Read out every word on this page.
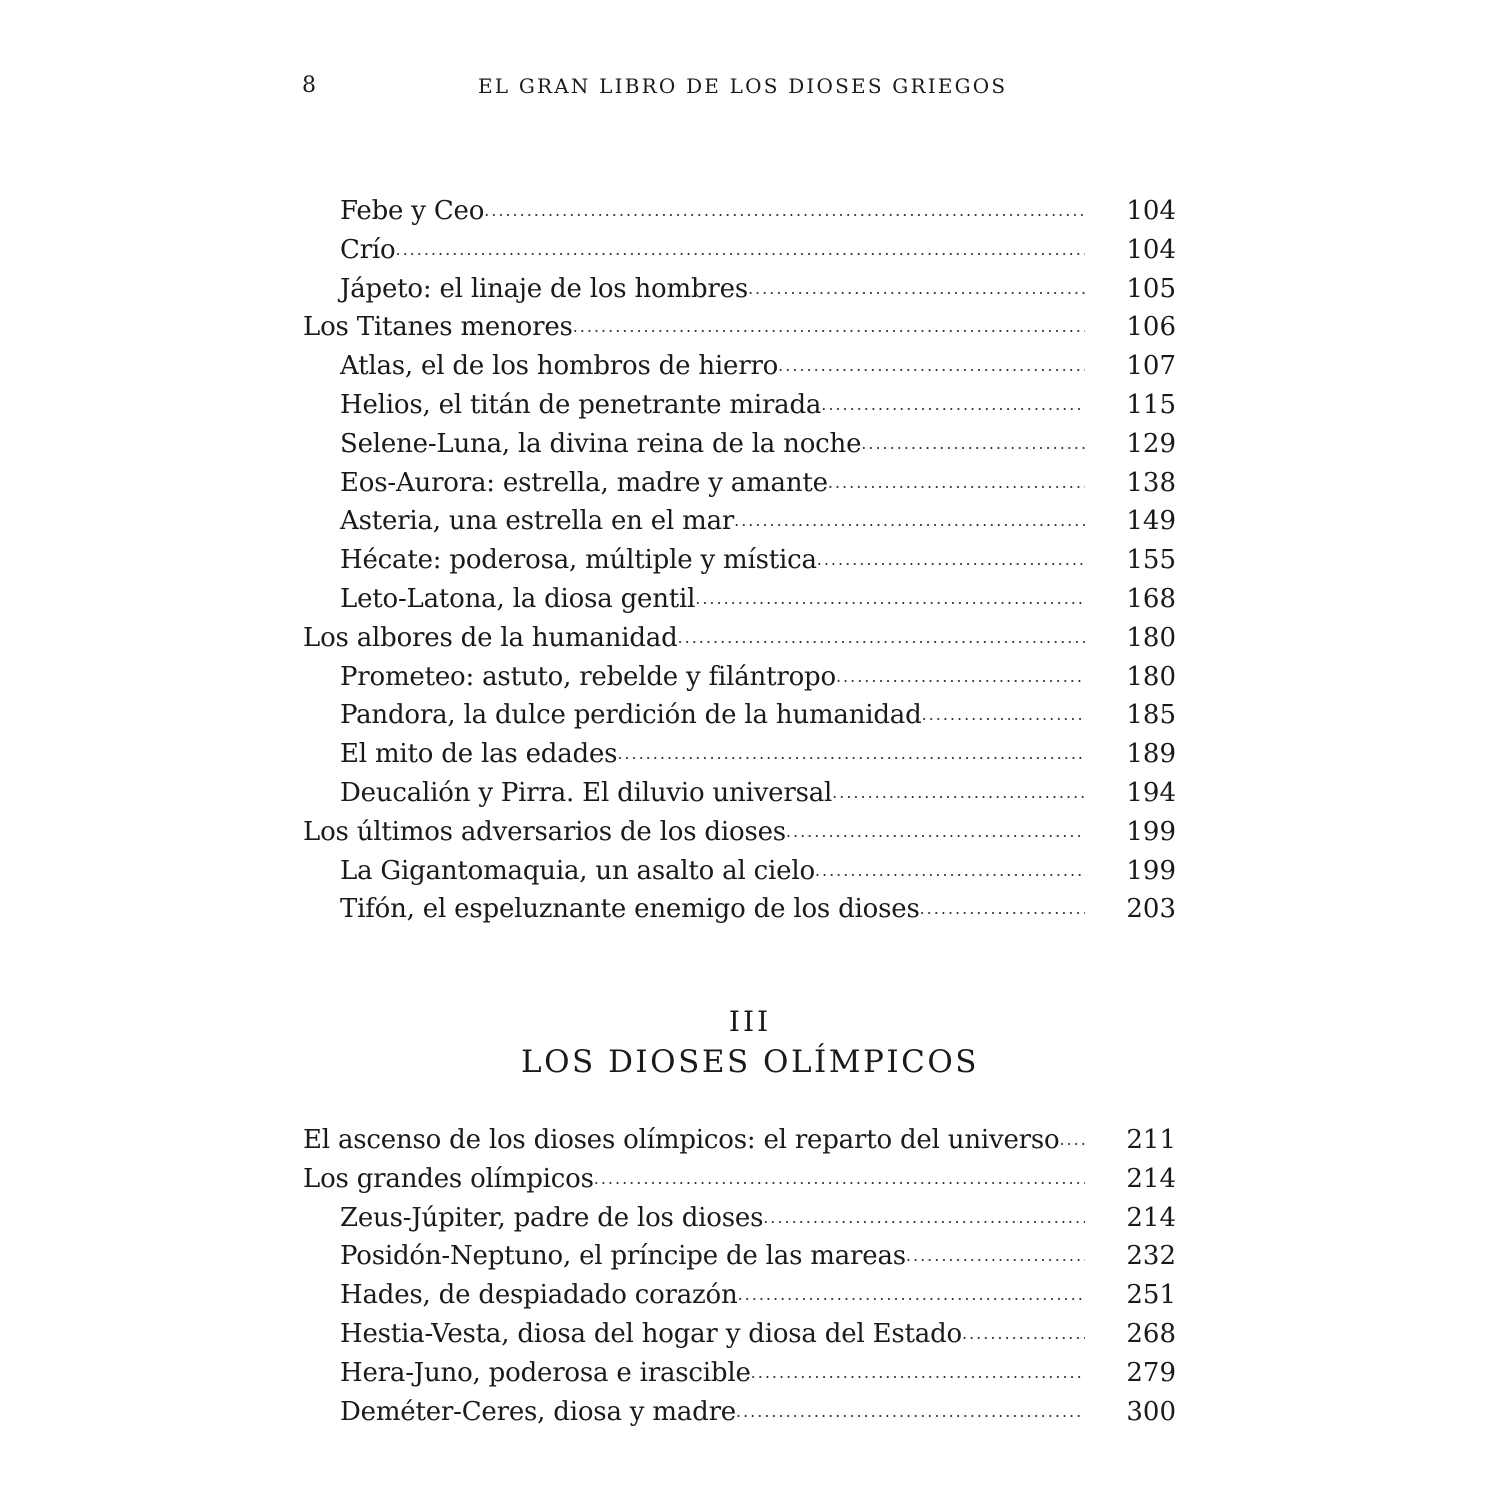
8	EL GRAN LIBRO DE LOS DIOSES GRIEGOS
Febe y Ceo .....	104
Crío .....	104
Jápeto: el linaje de los hombres .....	105
Los Titanes menores .....	106
Atlas, el de los hombros de hierro .....	107
Helios, el titán de penetrante mirada .....	115
Selene-Luna, la divina reina de la noche .....	129
Eos-Aurora: estrella, madre y amante .....	138
Asteria, una estrella en el mar .....	149
Hécate: poderosa, múltiple y mística .....	155
Leto-Latona, la diosa gentil .....	168
Los albores de la humanidad .....	180
Prometeo: astuto, rebelde y filántropo .....	180
Pandora, la dulce perdición de la humanidad .....	185
El mito de las edades .....	189
Deucalión y Pirra. El diluvio universal .....	194
Los últimos adversarios de los dioses .....	199
La Gigantomaquia, un asalto al cielo .....	199
Tifón, el espeluznante enemigo de los dioses .....	203
III
LOS DIOSES OLÍMPICOS
El ascenso de los dioses olímpicos: el reparto del universo .....	211
Los grandes olímpicos .....	214
Zeus-Júpiter, padre de los dioses .....	214
Posidón-Neptuno, el príncipe de las mareas .....	232
Hades, de despiadado corazón .....	251
Hestia-Vesta, diosa del hogar y diosa del Estado .....	268
Hera-Juno, poderosa e irascible .....	279
Deméter-Ceres, diosa y madre .....	300
